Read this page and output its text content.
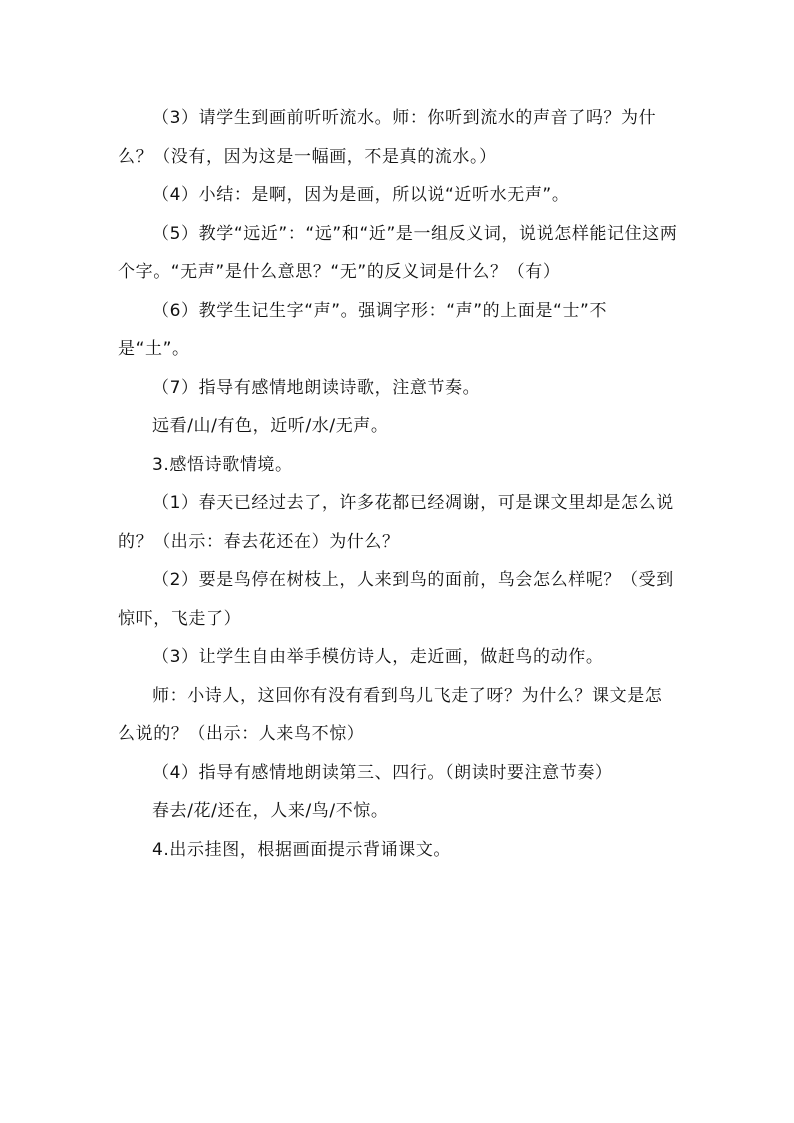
（3）请学生到画前听听流水。师：你听到流水的声音了吗？为什么？（没有，因为这是一幅画，不是真的流水。）

（4）小结：是啊，因为是画，所以说“近听水无声”。

（5）教学“远近”：“远”和“近”是一组反义词，说说怎样能记住这两个字。“无声”是什么意思？“无”的反义词是什么？（有）

（6）教学生记生字“声”。强调字形：“声”的上面是“士”不是“土”。

（7）指导有感情地朗读诗歌，注意节奏。

远看/山/有色，近听/水/无声。

3.感悟诗歌情境。

（1）春天已经过去了，许多花都已经凋谢，可是课文里却是怎么说的？（出示：春去花还在）为什么？

（2）要是鸟停在树枝上，人来到鸟的面前，鸟会怎么样呢？（受到惊吓，飞走了）

（3）让学生自由举手模仿诗人，走近画，做赶鸟的动作。

师：小诗人，这回你有没有看到鸟儿飞走了呀？为什么？课文是怎么说的？（出示：人来鸟不惊）

（4）指导有感情地朗读第三、四行。（朗读时要注意节奏）

春去/花/还在，人来/鸟/不惊。

4.出示挂图，根据画面提示背诵课文。
